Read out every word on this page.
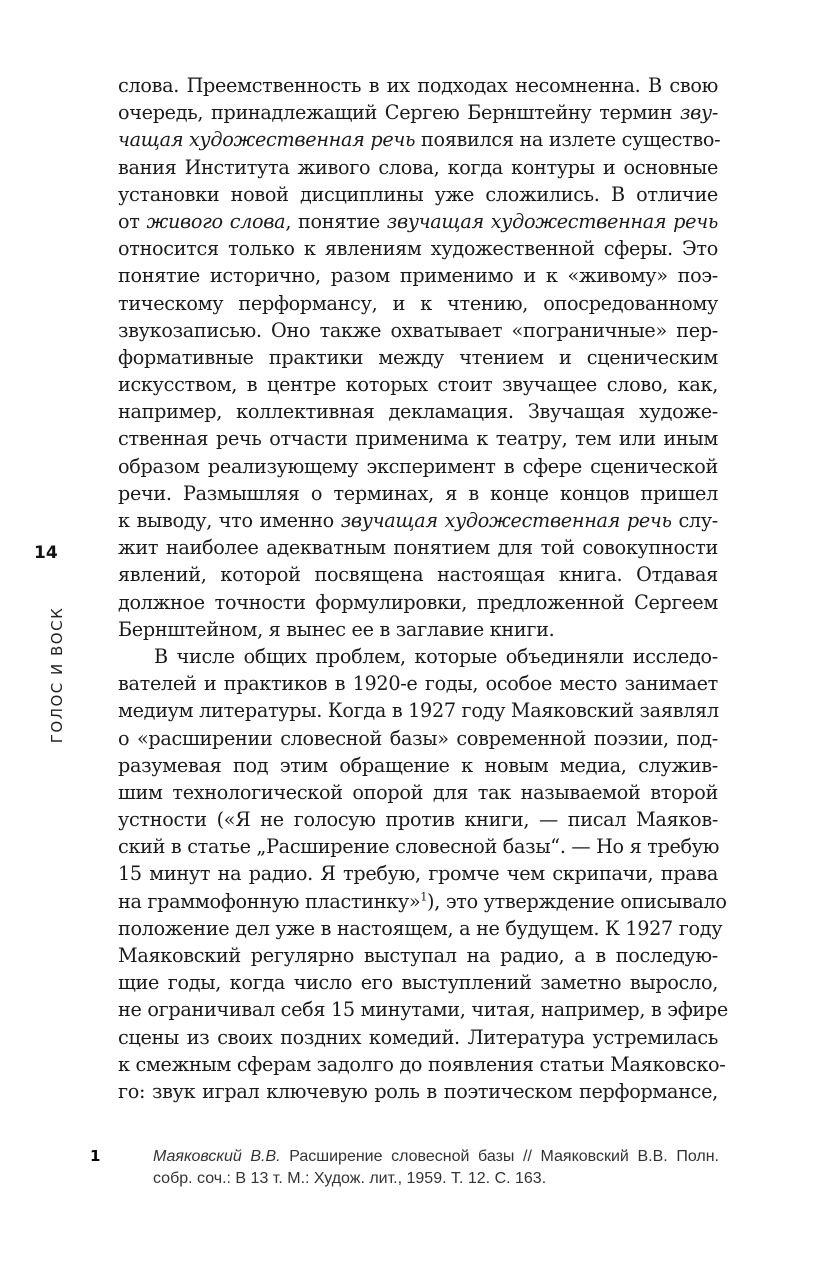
14
ГОЛОС И ВОСК
слова. Преемственность в их подходах несомненна. В свою
очередь, принадлежащий Сергею Бернштейну термин зву-
чащая художественная речь появился на излете существо-
вания Института живого слова, когда контуры и основные
установки новой дисциплины уже сложились. В отличие
от живого слова, понятие звучащая художественная речь
относится только к явлениям художественной сферы. Это
понятие исторично, разом применимо и к «живому» поэ-
тическому перформансу, и к чтению, опосредованному
звукозаписью. Оно также охватывает «пограничные» пер-
формативные практики между чтением и сценическим
искусством, в центре которых стоит звучащее слово, как,
например, коллективная декламация. Звучащая художе-
ственная речь отчасти применима к театру, тем или иным
образом реализующему эксперимент в сфере сценической
речи. Размышляя о терминах, я в конце концов пришел
к выводу, что именно звучащая художественная речь слу-
жит наиболее адекватным понятием для той совокупности
явлений, которой посвящена настоящая книга. Отдавая
должное точности формулировки, предложенной Сергеем
Бернштейном, я вынес ее в заглавие книги.
В числе общих проблем, которые объединяли исследо-
вателей и практиков в 1920-е годы, особое место занимает
медиум литературы. Когда в 1927 году Маяковский заявлял
о «расширении словесной базы» современной поэзии, под-
разумевая под этим обращение к новым медиа, служив-
шим технологической опорой для так называемой второй
устности («Я не голосую против книги, — писал Маяков-
ский в статье „Расширение словесной базы“. — Но я требую
15 минут на радио. Я требую, громче чем скрипачи, права
на граммофонную пластинку»$^1$), это утверждение описывало
положение дел уже в настоящем, а не будущем. К 1927 году
Маяковский регулярно выступал на радио, а в последую-
щие годы, когда число его выступлений заметно выросло,
не ограничивал себя 15 минутами, читая, например, в эфире
сцены из своих поздних комедий. Литература устремилась
к смежным сферам задолго до появления статьи Маяковско-
го: звук играл ключевую роль в поэтическом перформансе,
1	Маяковский В.В. Расширение словесной базы // Маяковский В.В. Полн. собр. соч.: В 13 т. М.: Худож. лит., 1959. Т. 12. С. 163.
